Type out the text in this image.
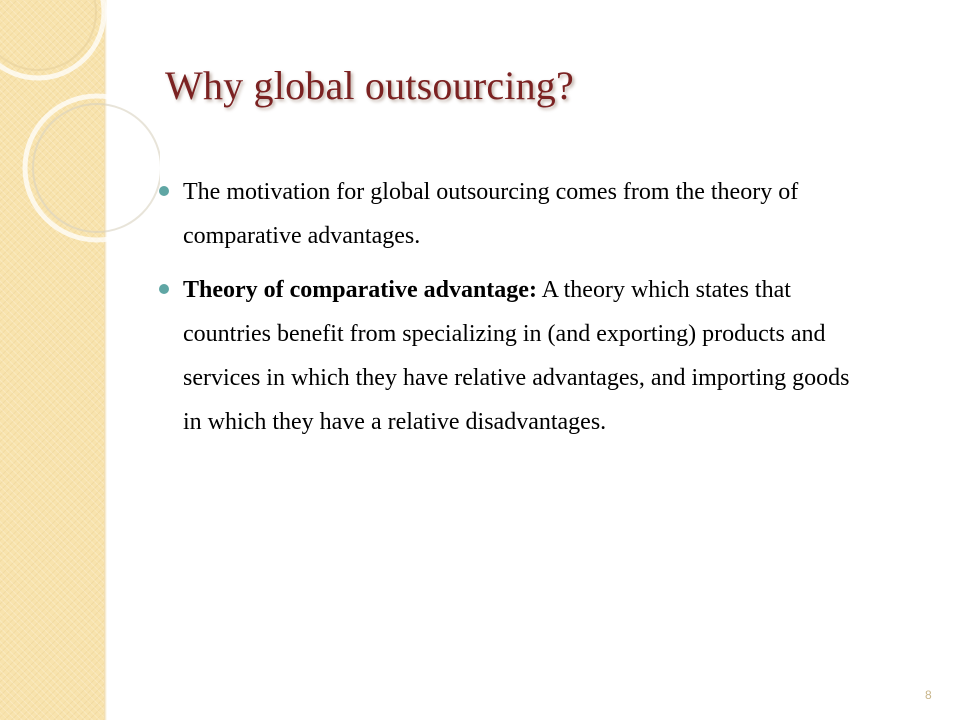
Why global outsourcing?
The motivation for global outsourcing comes from the theory of comparative advantages.
Theory of comparative advantage: A theory which states that countries benefit from specializing in (and exporting) products and services in which they have relative advantages, and importing goods in which they have a relative disadvantages.
8
